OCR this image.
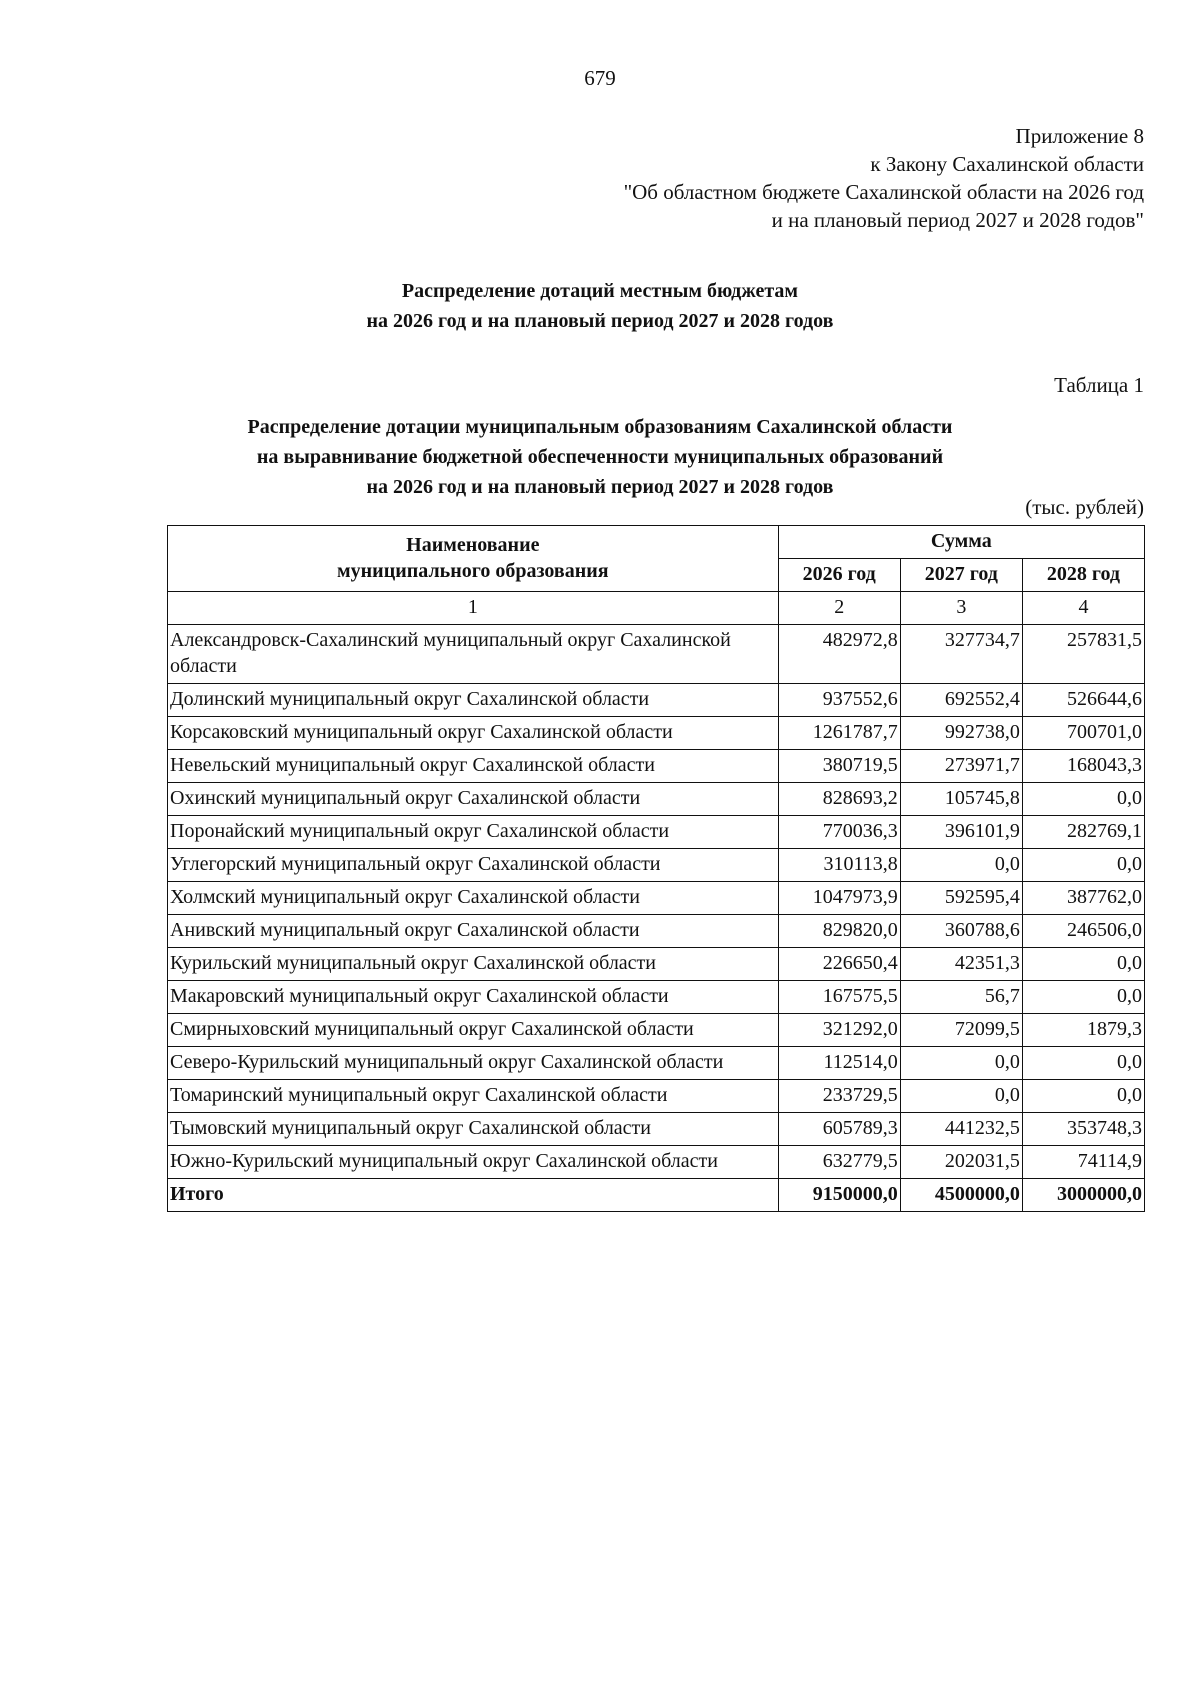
679
Приложение 8
к Закону Сахалинской области
"Об областном бюджете Сахалинской области на 2026 год
и на плановый период 2027 и 2028 годов"
Распределение дотаций местным бюджетам
на 2026 год и на плановый период 2027 и 2028 годов
Таблица 1
Распределение дотации муниципальным образованиям Сахалинской области
на выравнивание бюджетной обеспеченности муниципальных образований
на 2026 год и на плановый период 2027 и 2028 годов
(тыс. рублей)
Наименование
муниципального образования	Сумма		
	2026 год	2027 год	2028 год
1	2	3	4
Александровск-Сахалинский муниципальный округ Сахалинской области	482972,8	327734,7	257831,5
Долинский муниципальный округ Сахалинской области	937552,6	692552,4	526644,6
Корсаковский муниципальный округ Сахалинской области	1261787,7	992738,0	700701,0
Невельский муниципальный округ Сахалинской области	380719,5	273971,7	168043,3
Охинский муниципальный округ Сахалинской области	828693,2	105745,8	0,0
Поронайский муниципальный округ Сахалинской области	770036,3	396101,9	282769,1
Углегорский муниципальный округ Сахалинской области	310113,8	0,0	0,0
Холмский муниципальный округ Сахалинской области	1047973,9	592595,4	387762,0
Анивский муниципальный округ Сахалинской области	829820,0	360788,6	246506,0
Курильский муниципальный округ Сахалинской области	226650,4	42351,3	0,0
Макаровский муниципальный округ Сахалинской области	167575,5	56,7	0,0
Смирныховский муниципальный округ Сахалинской области	321292,0	72099,5	1879,3
Северо-Курильский муниципальный округ Сахалинской области	112514,0	0,0	0,0
Томаринский муниципальный округ Сахалинской области	233729,5	0,0	0,0
Тымовский муниципальный округ Сахалинской области	605789,3	441232,5	353748,3
Южно-Курильский муниципальный округ Сахалинской области	632779,5	202031,5	74114,9
Итого	9150000,0	4500000,0	3000000,0
